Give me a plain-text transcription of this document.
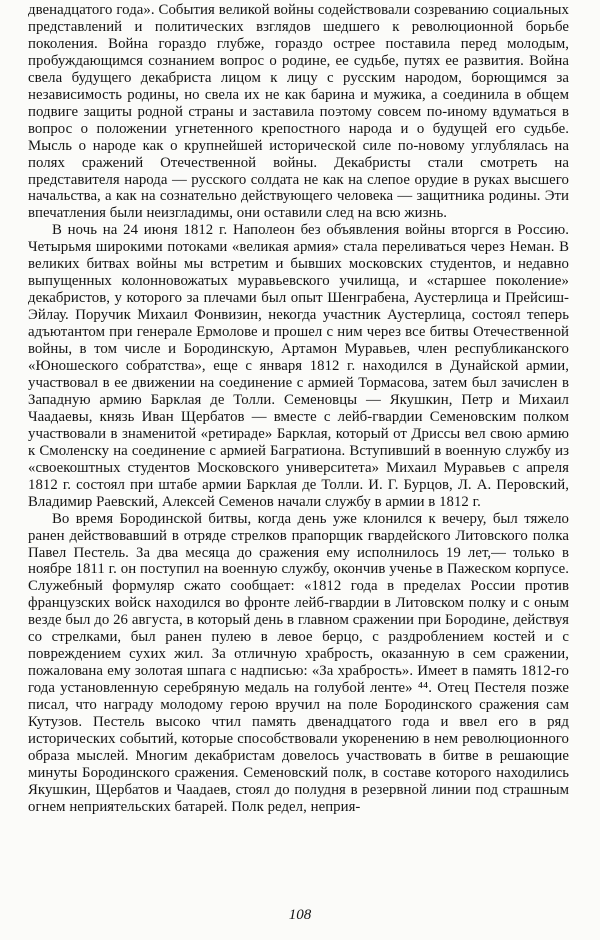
двенадцатого года». События великой войны содействовали созреванию социальных представлений и политических взглядов шедшего к революционной борьбе поколения. Война гораздо глубже, гораздо острее поставила перед молодым, пробуждающимся сознанием вопрос о родине, ее судьбе, путях ее развития. Война свела будущего декабриста лицом к лицу с русским народом, борющимся за независимость родины, но свела их не как барина и мужика, а соединила в общем подвиге защиты родной страны и заставила поэтому совсем по-иному вдуматься в вопрос о положении угнетенного крепостного народа и о будущей его судьбе. Мысль о народе как о крупнейшей исторической силе по-новому углублялась на полях сражений Отечественной войны. Декабристы стали смотреть на представителя народа — русского солдата не как на слепое орудие в руках высшего начальства, а как на сознательно действующего человека — защитника родины. Эти впечатления были неизгладимы, они оставили след на всю жизнь.

В ночь на 24 июня 1812 г. Наполеон без объявления войны вторгся в Россию. Четырьмя широкими потоками «великая армия» стала переливаться через Неман. В великих битвах войны мы встретим и бывших московских студентов, и недавно выпущенных колонновожатых муравьевского училища, и «старшее поколение» декабристов, у которого за плечами был опыт Шенграбена, Аустерлица и Прейсиш-Эйлау. Поручик Михаил Фонвизин, некогда участник Аустерлица, состоял теперь адъютантом при генерале Ермолове и прошел с ним через все битвы Отечественной войны, в том числе и Бородинскую, Артамон Муравьев, член республиканского «Юношеского собратства», еще с января 1812 г. находился в Дунайской армии, участвовал в ее движении на соединение с армией Тормасова, затем был зачислен в Западную армию Барклая де Толли. Семеновцы — Якушкин, Петр и Михаил Чаадаевы, князь Иван Щербатов — вместе с лейб-гвардии Семеновским полком участвовали в знаменитой «ретираде» Барклая, который от Дриссы вел свою армию к Смоленску на соединение с армией Багратиона. Вступивший в военную службу из «своекоштных студентов Московского университета» Михаил Муравьев с апреля 1812 г. состоял при штабе армии Барклая де Толли. И. Г. Бурцов, Л. А. Перовский, Владимир Раевский, Алексей Семенов начали службу в армии в 1812 г.

Во время Бородинской битвы, когда день уже клонился к вечеру, был тяжело ранен действовавший в отряде стрелков прапорщик гвардейского Литовского полка Павел Пестель. За два месяца до сражения ему исполнилось 19 лет,— только в ноябре 1811 г. он поступил на военную службу, окончив ученье в Пажеском корпусе. Служебный формуляр сжато сообщает: «1812 года в пределах России против французских войск находился во фронте лейб-гвардии в Литовском полку и с оным везде был до 26 августа, в который день в главном сражении при Бородине, действуя со стрелками, был ранен пулею в левое берцо, с раздроблением костей и с повреждением сухих жил. За отличную храбрость, оказанную в сем сражении, пожалована ему золотая шпага с надписью: «За храбрость». Имеет в память 1812-го года установленную серебряную медаль на голубой ленте» ⁴⁴. Отец Пестеля позже писал, что награду молодому герою вручил на поле Бородинского сражения сам Кутузов. Пестель высоко чтил память двенадцатого года и ввел его в ряд исторических событий, которые способствовали укоренению в нем революционного образа мыслей. Многим декабристам довелось участвовать в битве в решающие минуты Бородинского сражения. Семеновский полк, в составе которого находились Якушкин, Щербатов и Чаадаев, стоял до полудня в резервной линии под страшным огнем неприятельских батарей. Полк редел, неприя-

108
